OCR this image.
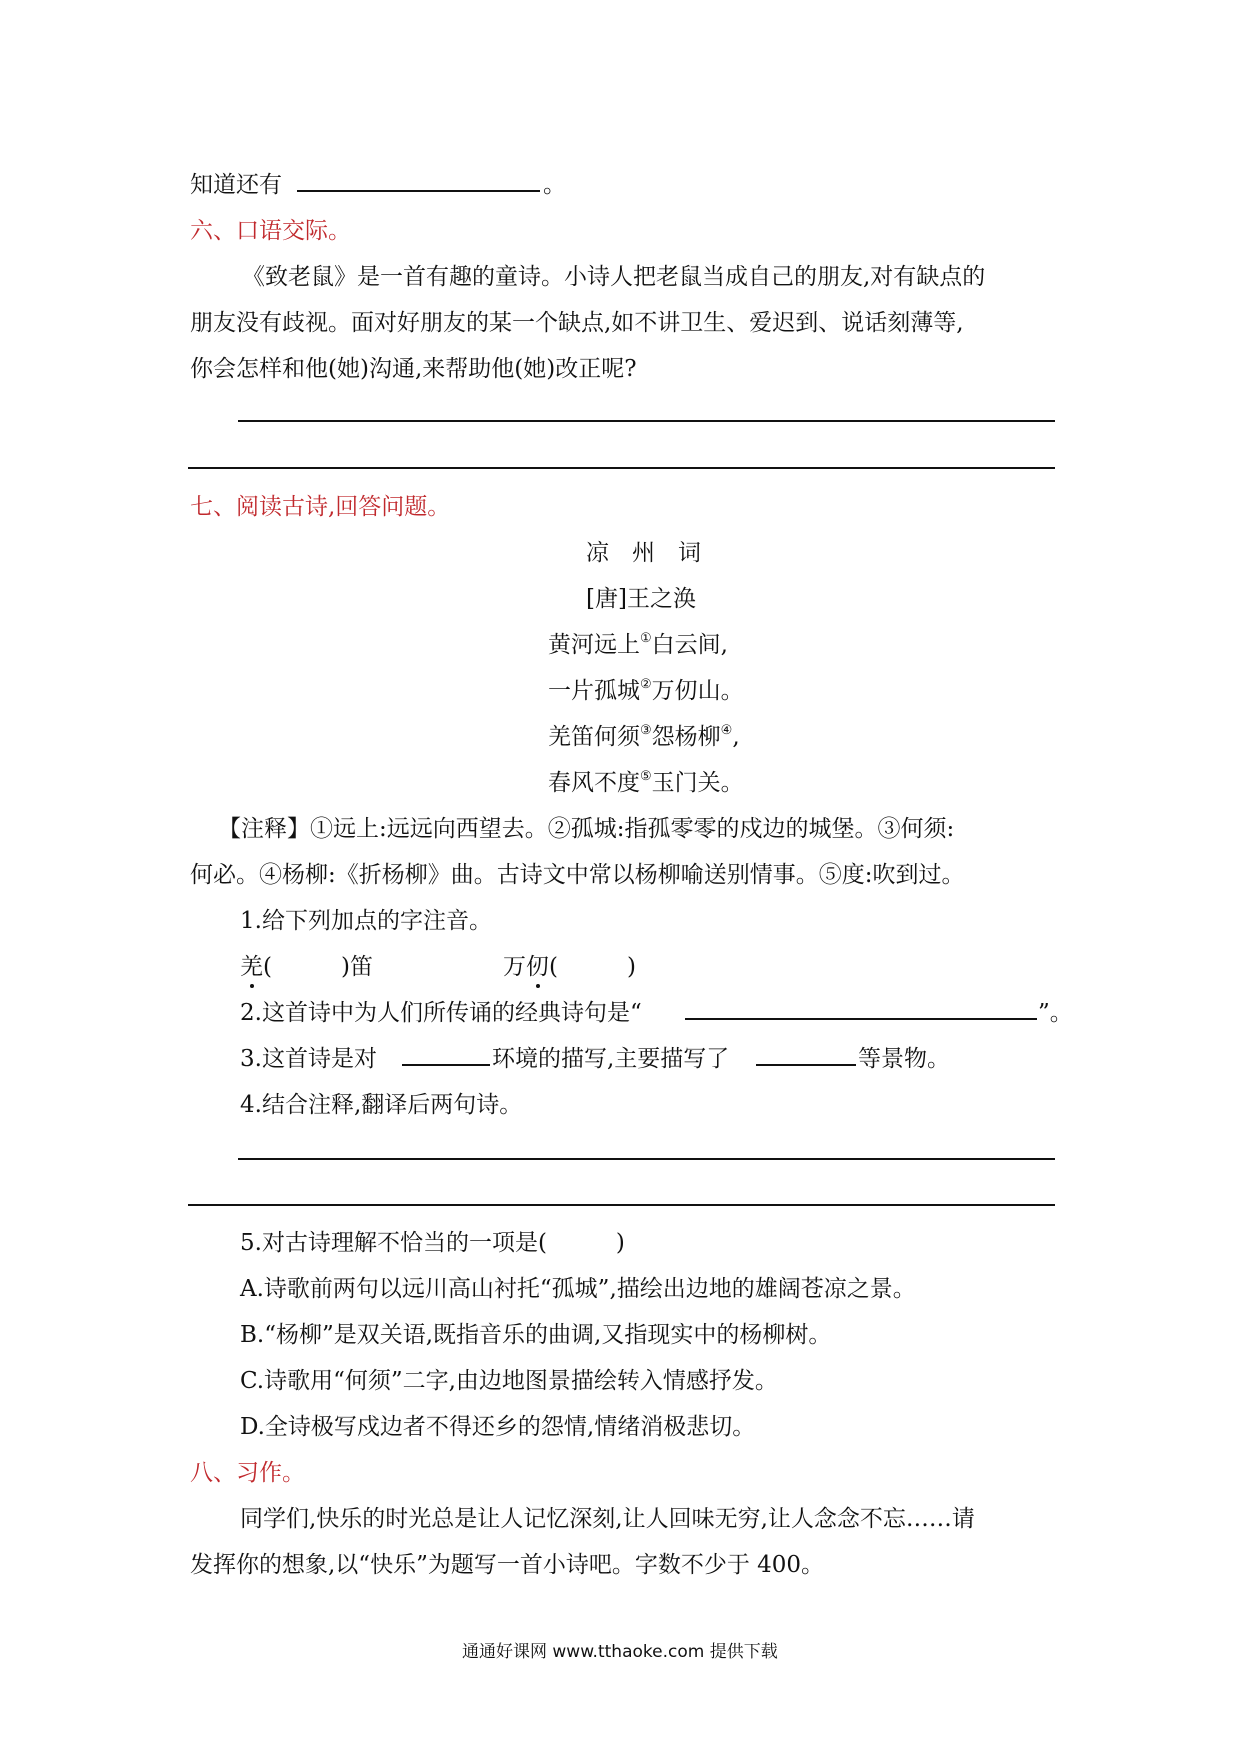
知道还有	。
六、口语交际。
《致老鼠》是一首有趣的童诗。小诗人把老鼠当成自己的朋友,对有缺点的
朋友没有歧视。面对好朋友的某一个缺点,如不讲卫生、爱迟到、说话刻薄等,
你会怎样和他(她)沟通,来帮助他(她)改正呢?
七、阅读古诗,回答问题。
凉　州　词
[唐]王之涣
黄河远上①白云间,
一片孤城②万仞山。
羌笛何须③怨杨柳④,
春风不度⑤玉门关。
【注释】①远上:远远向西望去。②孤城:指孤零零的戍边的城堡。③何须:
何必。④杨柳:《折杨柳》曲。古诗文中常以杨柳喻送别情事。⑤度:吹到过。
1.给下列加点的字注音。
羌(　　　)笛	万仞(　　　)
2.这首诗中为人们所传诵的经典诗句是“	”。
3.这首诗是对	环境的描写,主要描写了	等景物。
4.结合注释,翻译后两句诗。
5.对古诗理解不恰当的一项是(　　　)
A.诗歌前两句以远川高山衬托“孤城”,描绘出边地的雄阔苍凉之景。
B.“杨柳”是双关语,既指音乐的曲调,又指现实中的杨柳树。
C.诗歌用“何须”二字,由边地图景描绘转入情感抒发。
D.全诗极写戍边者不得还乡的怨情,情绪消极悲切。
八、习作。
同学们,快乐的时光总是让人记忆深刻,让人回味无穷,让人念念不忘……请
发挥你的想象,以“快乐”为题写一首小诗吧。字数不少于 400。
通通好课网 www.tthaoke.com 提供下载
